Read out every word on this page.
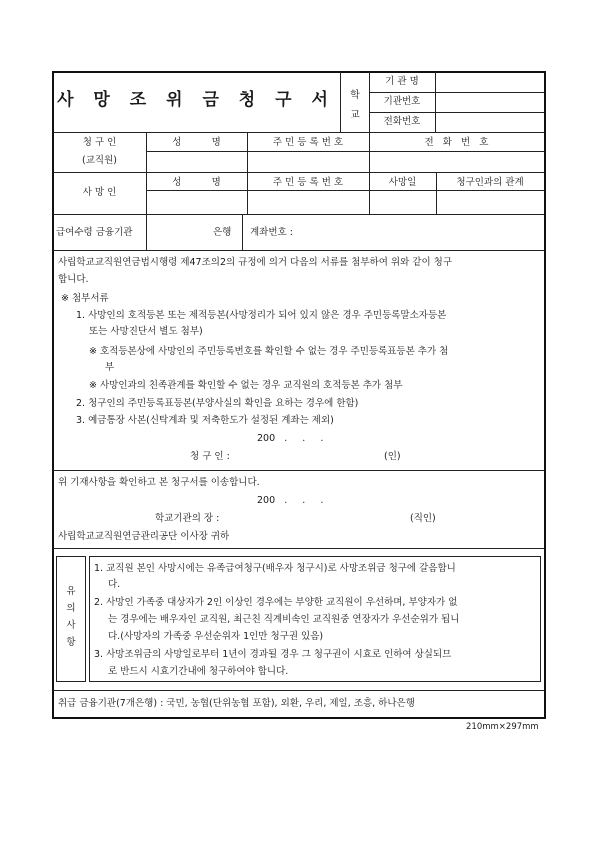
사 망 조 위 금 청 구 서	학
교
기 관 명
기관번호
전화번호
청 구 인
(교직원)
성          명	주 민 등 록 번 호	전   화   번   호
사 망 인
성          명	주 민 등 록 번 호	사망일	청구인과의 관계
급여수령 금융기관	은행 계좌번호 :
사립학교교직원연금법시행령 제47조의2의 규정에 의거 다음의 서류를 첨부하여 위와 같이 청구
합니다.
※ 첨부서류
1. 사망인의 호적등본 또는 제적등본(사망정리가 되어 있지 않은 경우 주민등록말소자등본
또는 사망진단서 별도 첨부)
※ 호적등본상에 사망인의 주민등록번호를 확인할 수 없는 경우 주민등록표등본 추가 첨
부
※ 사망인과의 친족관계를 확인할 수 없는 경우 교직원의 호적등본 추가 첨부
2. 청구인의 주민등록표등본(부양사실의 확인을 요하는 경우에 한함)
3. 예금통장 사본(신탁계좌 및 저축한도가 설정된 계좌는 제외)
200   .     .     .
청 구 인 :	(인)
위 기재사항을 확인하고 본 청구서를 이송합니다.
200   .     .     .
학교기관의 장 :	(직인)
사립학교교직원연금관리공단 이사장 귀하
유
의
사
항
1. 교직원 본인 사망시에는 유족급여청구(배우자 청구시)로 사망조위금 청구에 갈음합니
다.
2. 사망인 가족중 대상자가 2인 이상인 경우에는 부양한 교직원이 우선하며, 부양자가 없
는 경우에는 배우자인 교직원, 최근친 직계비속인 교직원중 연장자가 우선순위가 됩니
다.(사망자의 가족중 우선순위자 1인만 청구권 있음)
3. 사망조위금의 사망일로부터 1년이 경과될 경우 그 청구권이 시효로 인하여 상실되므
로 반드시 시효기간내에 청구하여야 합니다.
취급 금융기관(7개은행) : 국민, 농협(단위농협 포함), 외환, 우리, 제일, 조흥, 하나은행
210mm×297mm
